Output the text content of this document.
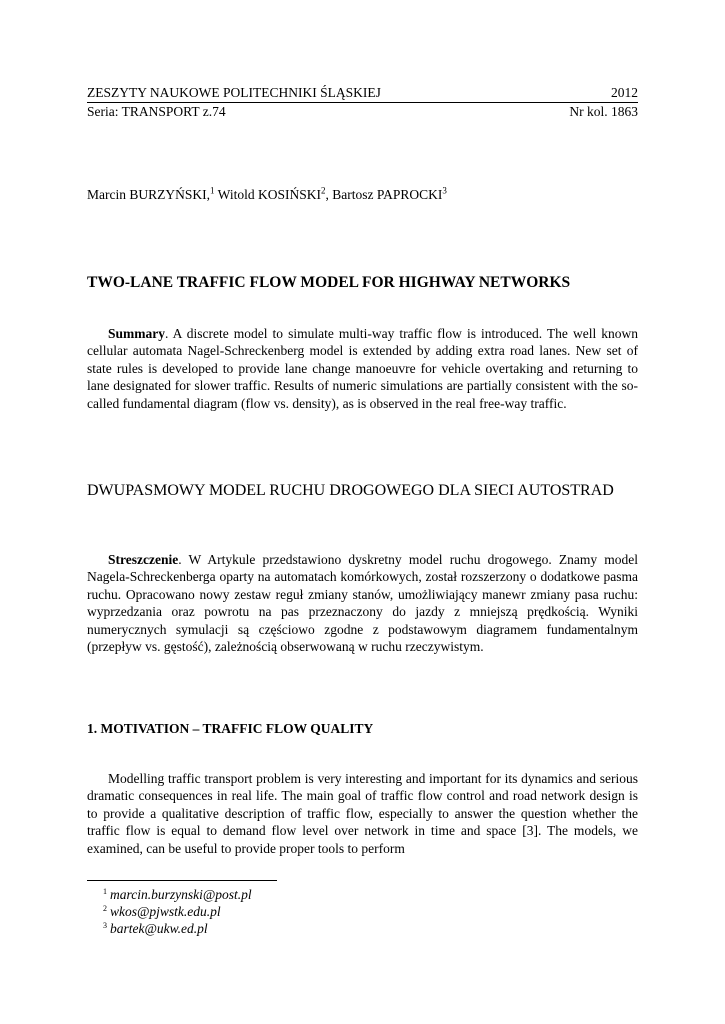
ZESZYTY NAUKOWE POLITECHNIKI ŚLĄSKIEJ	2012
Seria: TRANSPORT z.74	Nr kol. 1863
Marcin BURZYŃSKI,$^1$ Witold KOSIŃSKI$^2$, Bartosz PAPROCKI$^3$
TWO-LANE TRAFFIC FLOW MODEL FOR HIGHWAY NETWORKS
Summary. A discrete model to simulate multi-way traffic flow is introduced. The well known cellular automata Nagel-Schreckenberg model is extended by adding extra road lanes. New set of state rules is developed to provide lane change manoeuvre for vehicle overtaking and returning to lane designated for slower traffic. Results of numeric simulations are partially consistent with the so-called fundamental diagram (flow vs. density), as is observed in the real free-way traffic.
DWUPASMOWY MODEL RUCHU DROGOWEGO DLA SIECI AUTOSTRAD
Streszczenie. W Artykule przedstawiono dyskretny model ruchu drogowego. Znamy model Nagela-Schreckenberga oparty na automatach komórkowych, został rozszerzony o dodatkowe pasma ruchu. Opracowano nowy zestaw reguł zmiany stanów, umożliwiający manewr zmiany pasa ruchu: wyprzedzania oraz powrotu na pas przeznaczony do jazdy z mniejszą prędkością. Wyniki numerycznych symulacji są częściowo zgodne z podstawowym diagramem fundamentalnym (przepływ vs. gęstość), zależnością obserwowaną w ruchu rzeczywistym.
1. MOTIVATION – TRAFFIC FLOW QUALITY
Modelling traffic transport problem is very interesting and important for its dynamics and serious dramatic consequences in real life. The main goal of traffic flow control and road network design is to provide a qualitative description of traffic flow, especially to answer the question whether the traffic flow is equal to demand flow level over network in time and space [3]. The models, we examined, can be useful to provide proper tools to perform
$^1$ marcin.burzynski@post.pl
$^2$ wkos@pjwstk.edu.pl
$^3$ bartek@ukw.ed.pl
